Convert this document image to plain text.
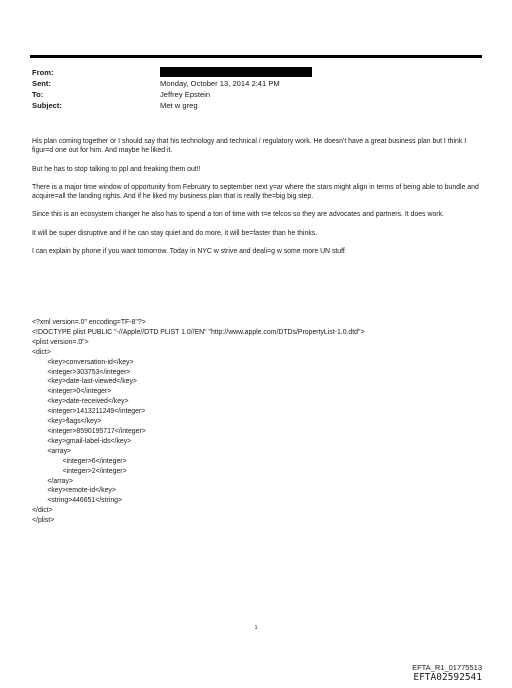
From:
Sent:	Monday, October 13, 2014 2:41 PM
To:	Jeffrey Epstein
Subject:	Met w greg

His plan coming together or I should say that his technology and technical / regulatory work. He doesn't have a great business plan but I think I figur=d one out for him. And maybe he liked it.

But he has to stop talking to ppl and freaking them out!!

There is a major time window of opportunity from February to september next y=ar where the stars might align in terms of being able to bundle and acquire=all the landing rights. And if he liked my business plan that is really the=big big step.

Since this is an ecosystem changer he also has to spend a ton of time with t=e telcos so they are advocates and partners. It does work.

It will be super disruptive and if he can stay quiet and do more, it will be=faster than he thinks.

I can explain by phone if you want tomorrow. Today in NYC w strive and deali=g w some more UN stuff

<?xml version=.0" encoding=TF-8"?>
<!DOCTYPE plist PUBLIC "-//Apple//DTD PLIST 1.0//EN" "http://www.apple.com/DTDs/PropertyList-1.0.dtd">
<plist version=.0">
<dict>
<key>conversation-id</key>
<integer>303753</integer>
<key>date-last-viewed</key>
<integer>0</integer>
<key>date-received</key>
<integer>1413211249</integer>
<key>flags</key>
<integer>8590195717</integer>
<key>gmail-label-ids</key>
<array>
<integer>6</integer>
<integer>2</integer>
</array>
<key>remote-id</key>
<string>446651</string>
</dict>
</plist>
1
EFTA_R1_01775513
EFTA02592541
